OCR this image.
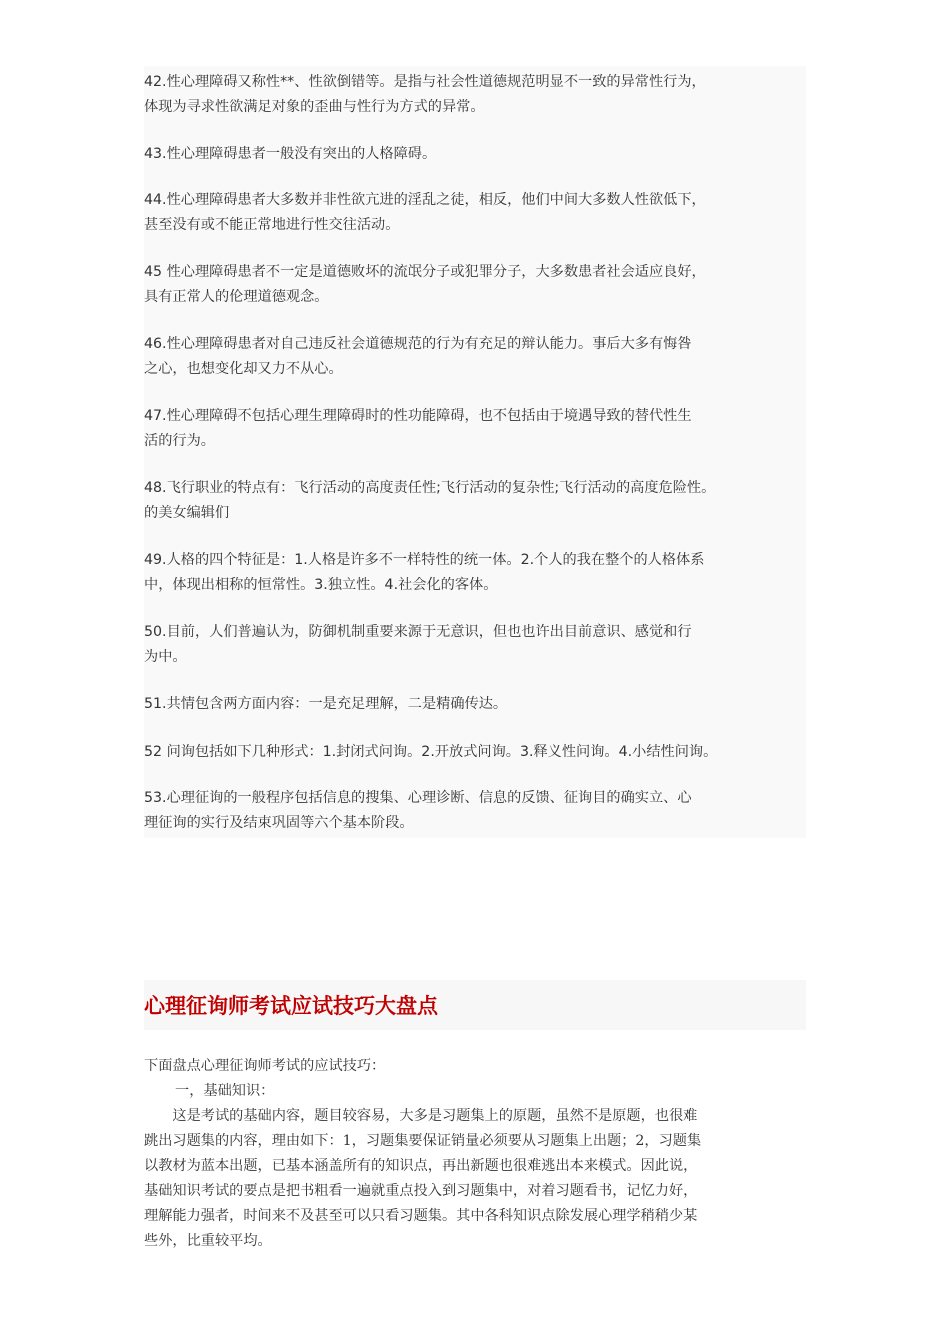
42.性心理障碍又称性**、性欲倒错等。是指与社会性道德规范明显不一致的异常性行为，
体现为寻求性欲满足对象的歪曲与性行为方式的异常。
43.性心理障碍患者一般没有突出的人格障碍。
44.性心理障碍患者大多数并非性欲亢进的淫乱之徒，相反，他们中间大多数人性欲低下，
甚至没有或不能正常地进行性交往活动。
45 性心理障碍患者不一定是道德败坏的流氓分子或犯罪分子，大多数患者社会适应良好，
具有正常人的伦理道德观念。
46.性心理障碍患者对自己违反社会道德规范的行为有充足的辩认能力。事后大多有悔咎
之心，也想变化却又力不从心。
47.性心理障碍不包括心理生理障碍时的性功能障碍，也不包括由于境遇导致的替代性生
活的行为。
48.飞行职业的特点有：飞行活动的高度责任性;飞行活动的复杂性;飞行活动的高度危险性。
的美女编辑们
49.人格的四个特征是：1.人格是许多不一样特性的统一体。2.个人的我在整个的人格体系
中，体现出相称的恒常性。3.独立性。4.社会化的客体。
50.目前，人们普遍认为，防御机制重要来源于无意识，但也也许出目前意识、感觉和行
为中。
51.共情包含两方面内容：一是充足理解，二是精确传达。
52 问询包括如下几种形式：1.封闭式问询。2.开放式问询。3.释义性问询。4.小结性问询。
53.心理征询的一般程序包括信息的搜集、心理诊断、信息的反馈、征询目的确实立、心
理征询的实行及结束巩固等六个基本阶段。
心理征询师考试应试技巧大盘点
下面盘点心理征询师考试的应试技巧：
一，基础知识：
　　这是考试的基础内容，题目较容易，大多是习题集上的原题，虽然不是原题，也很难
跳出习题集的内容，理由如下：1，习题集要保证销量必须要从习题集上出题；2，习题集
以教材为蓝本出题，已基本涵盖所有的知识点，再出新题也很难逃出本来模式。因此说，
基础知识考试的要点是把书粗看一遍就重点投入到习题集中，对着习题看书，记忆力好，
理解能力强者，时间来不及甚至可以只看习题集。其中各科知识点除发展心理学稍稍少某
些外，比重较平均。
